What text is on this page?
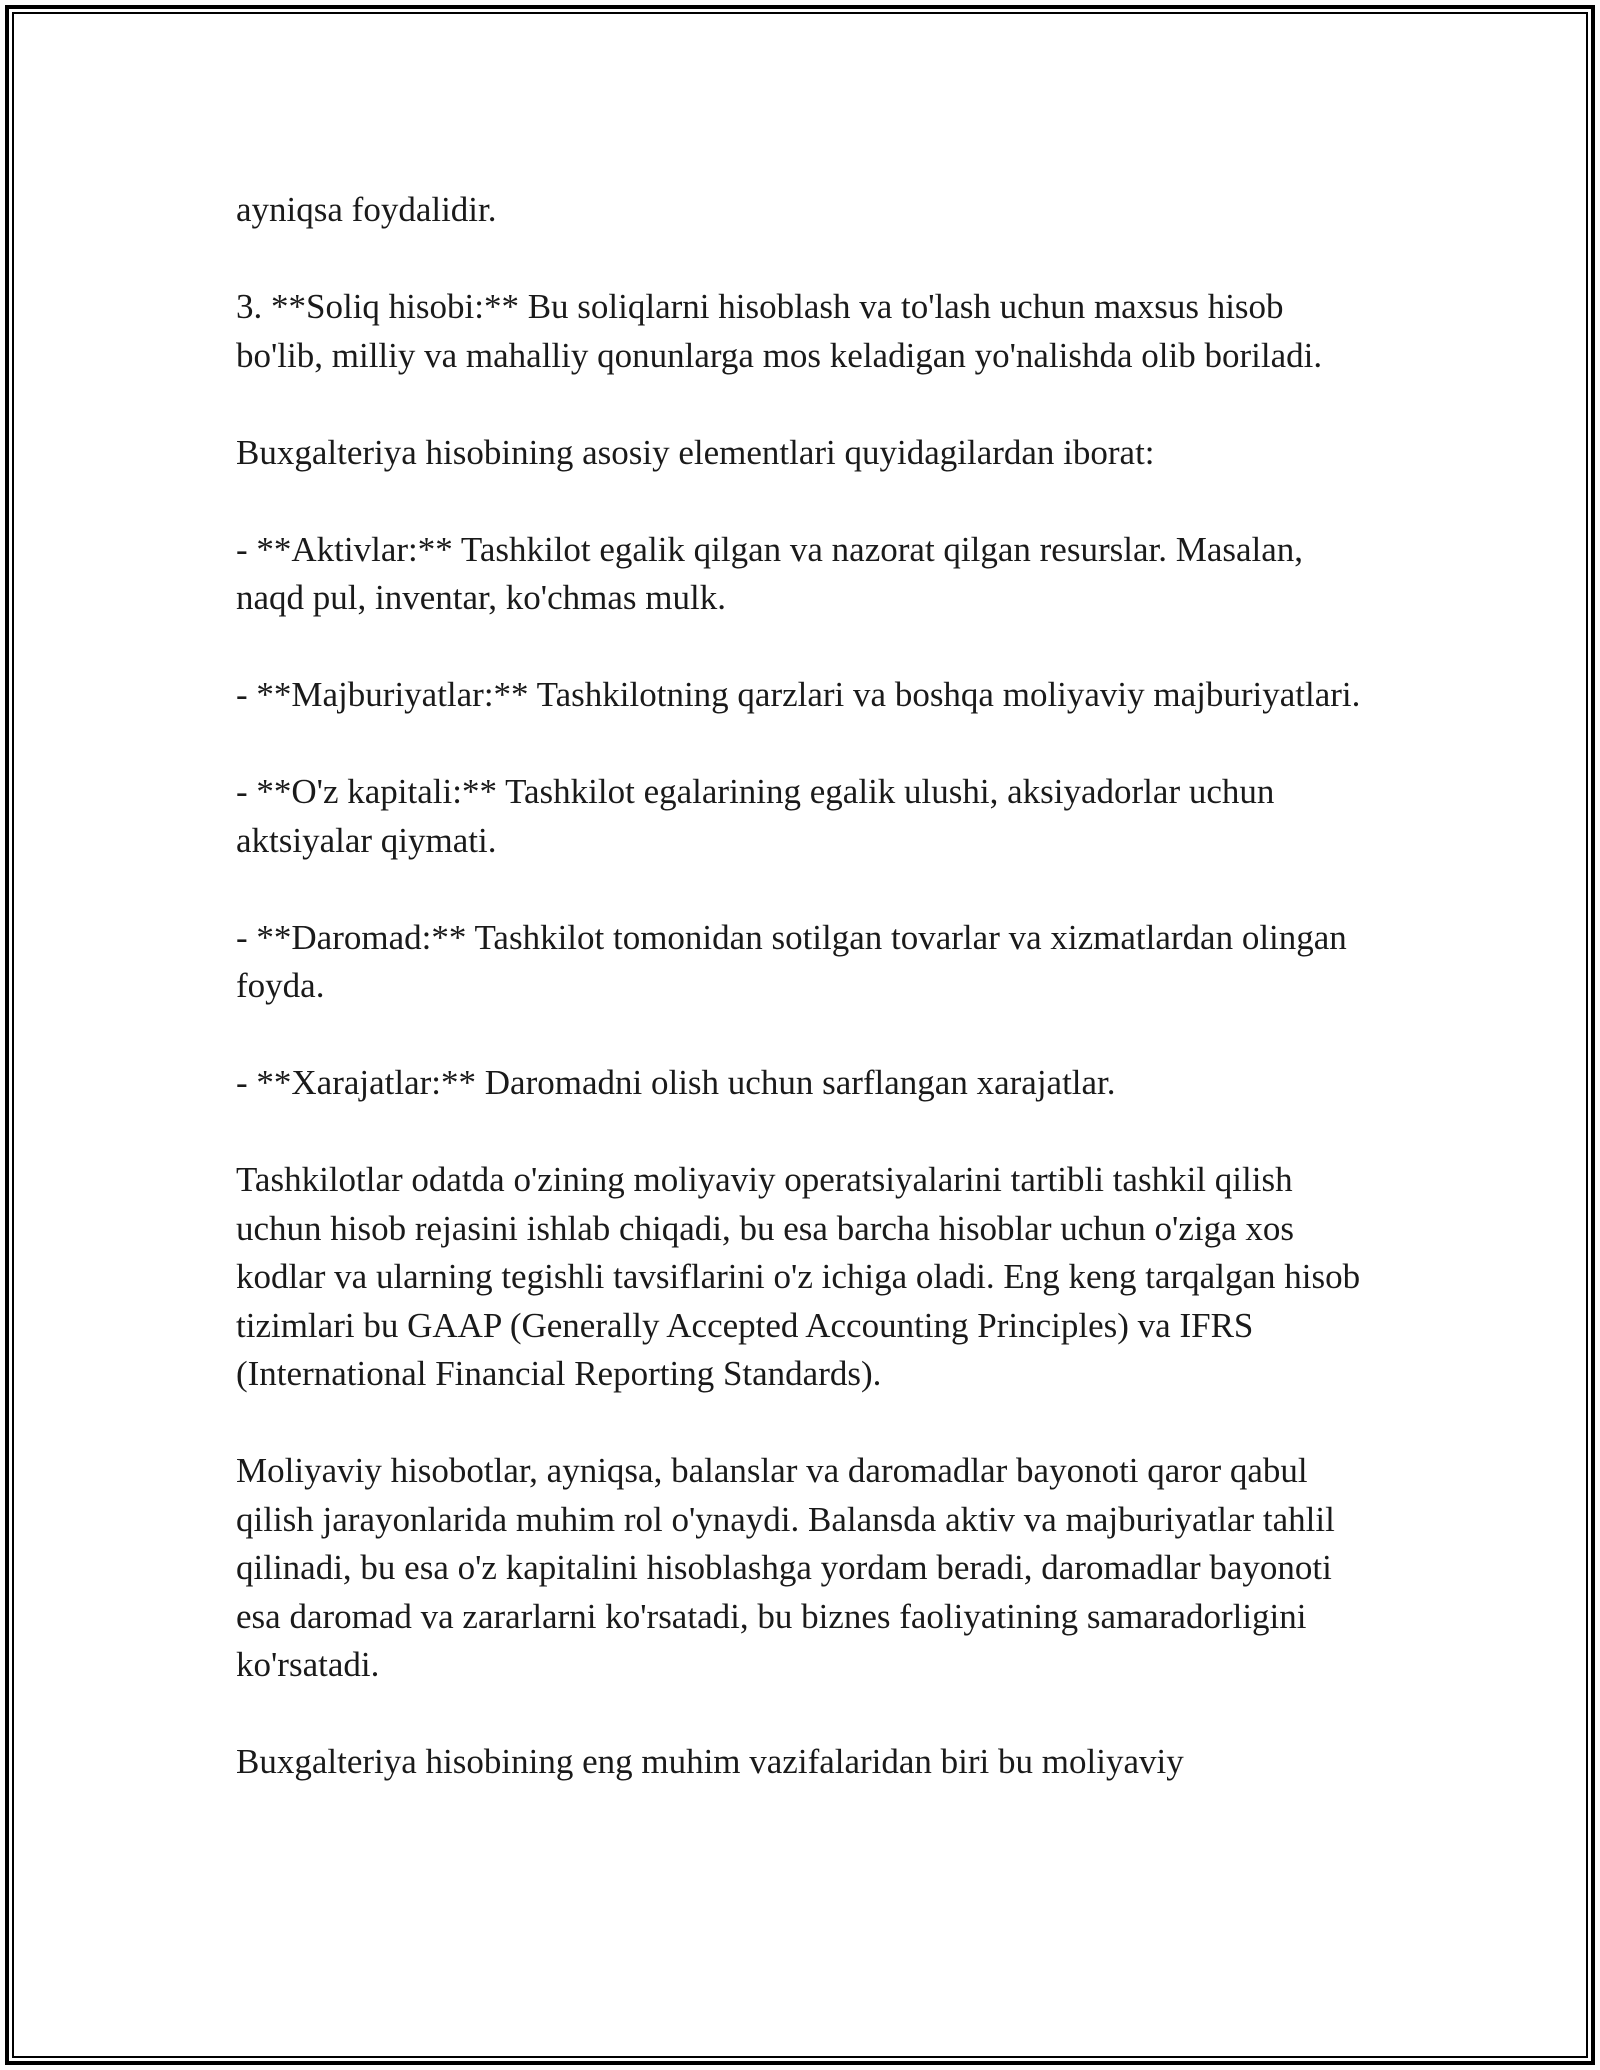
ayniqsa foydalidir.

3. **Soliq hisobi:** Bu soliqlarni hisoblash va to'lash uchun maxsus hisob bo'lib, milliy va mahalliy qonunlarga mos keladigan yo'nalishda olib boriladi.

Buxgalteriya hisobining asosiy elementlari quyidagilardan iborat:

- **Aktivlar:** Tashkilot egalik qilgan va nazorat qilgan resurslar. Masalan, naqd pul, inventar, ko'chmas mulk.

- **Majburiyatlar:** Tashkilotning qarzlari va boshqa moliyaviy majburiyatlari.

- **O'z kapitali:** Tashkilot egalarining egalik ulushi, aksiyadorlar uchun aktsiyalar qiymati.

- **Daromad:** Tashkilot tomonidan sotilgan tovarlar va xizmatlardan olingan foyda.

- **Xarajatlar:** Daromadni olish uchun sarflangan xarajatlar.

Tashkilotlar odatda o'zining moliyaviy operatsiyalarini tartibli tashkil qilish uchun hisob rejasini ishlab chiqadi, bu esa barcha hisoblar uchun o'ziga xos kodlar va ularning tegishli tavsiflarini o'z ichiga oladi. Eng keng tarqalgan hisob tizimlari bu GAAP (Generally Accepted Accounting Principles) va IFRS (International Financial Reporting Standards).

Moliyaviy hisobotlar, ayniqsa, balanslar va daromadlar bayonoti qaror qabul qilish jarayonlarida muhim rol o'ynaydi. Balansda aktiv va majburiyatlar tahlil qilinadi, bu esa o'z kapitalini hisoblashga yordam beradi, daromadlar bayonoti esa daromad va zararlarni ko'rsatadi, bu biznes faoliyatining samaradorligini ko'rsatadi.

Buxgalteriya hisobining eng muhim vazifalaridan biri bu moliyaviy
